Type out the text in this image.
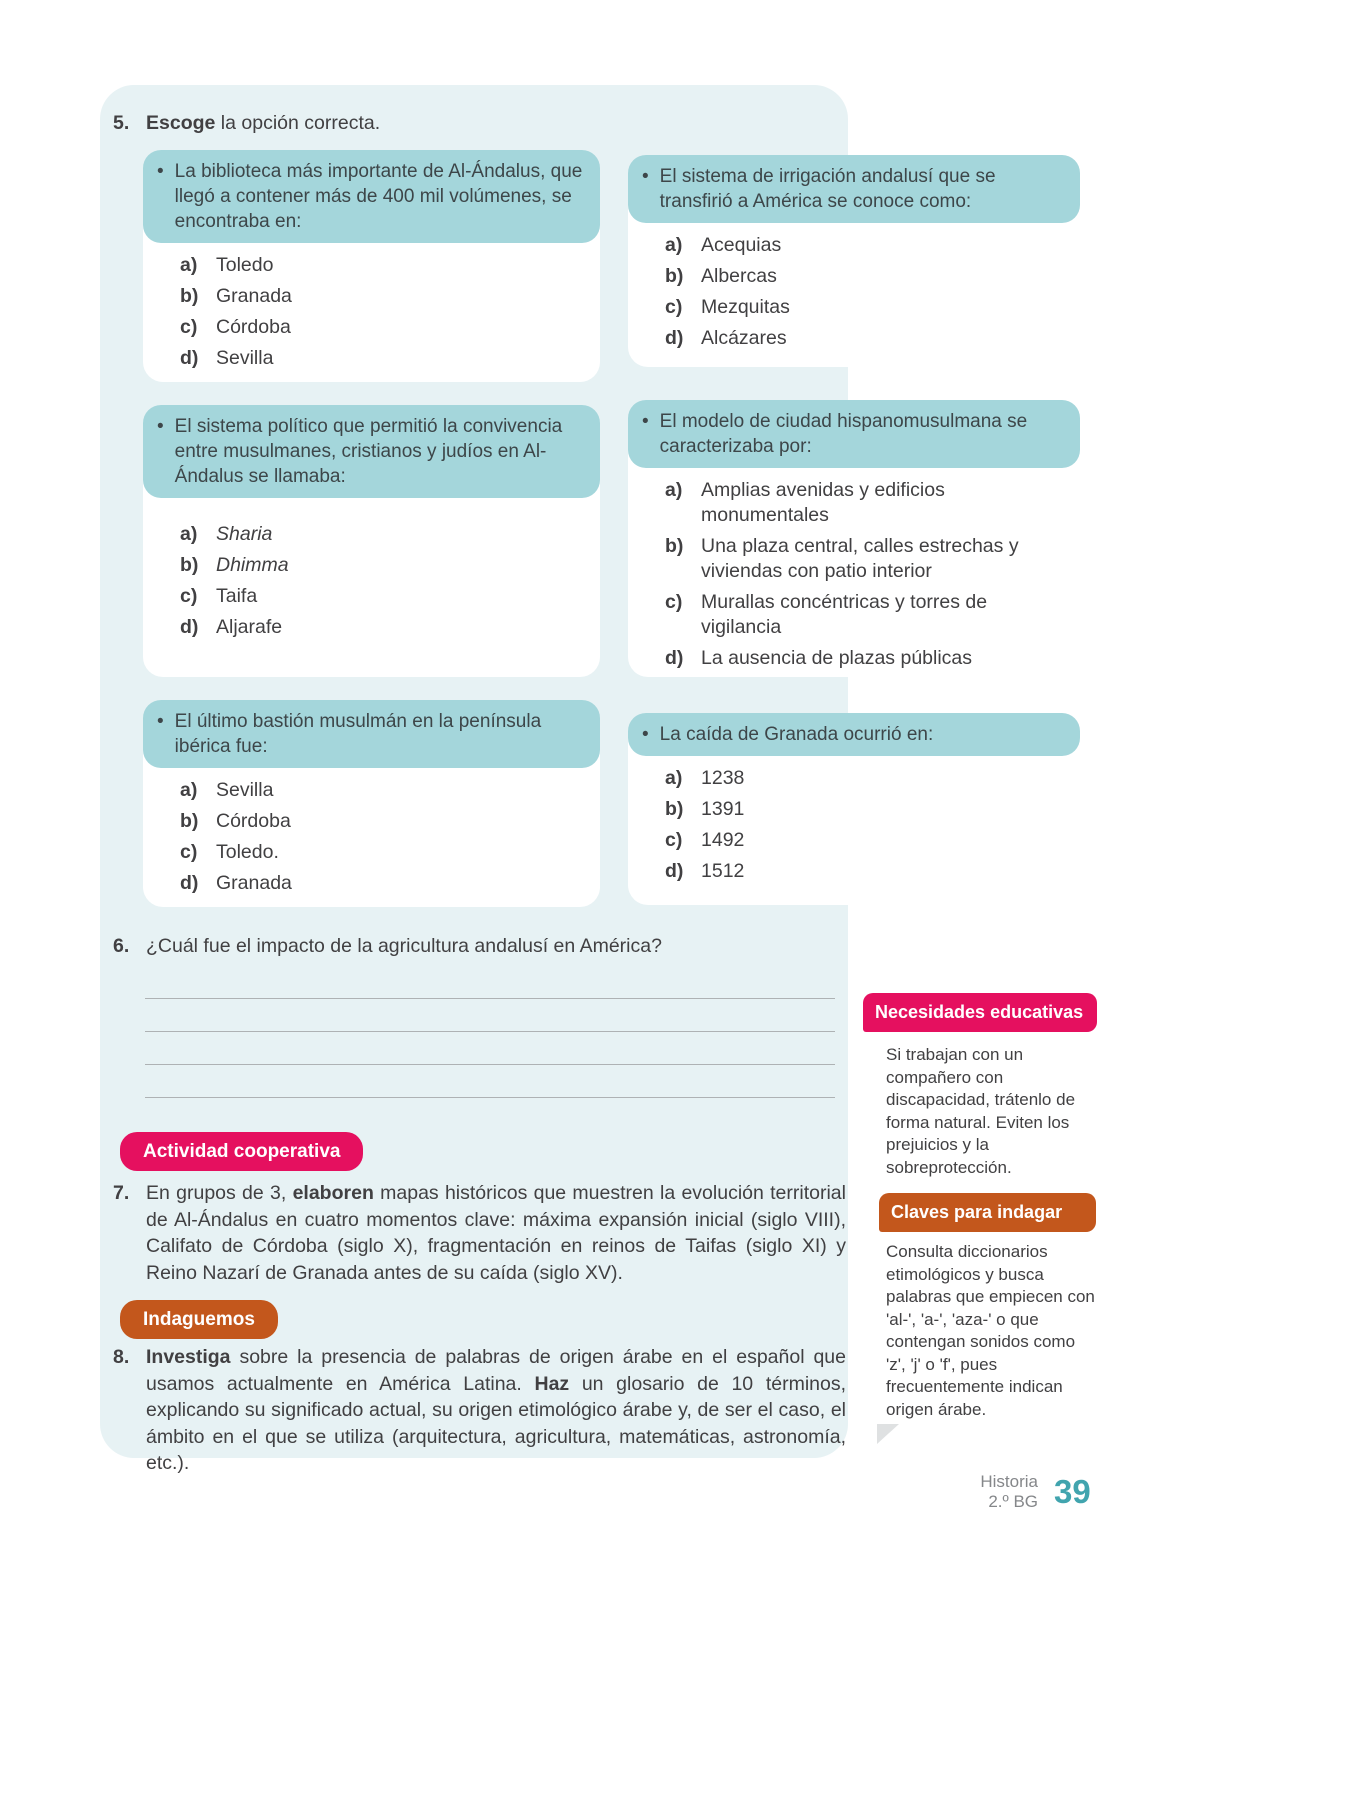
5. Escoge la opción correcta.
• La biblioteca más importante de Al-Ándalus, que llegó a contener más de 400 mil volúmenes, se encontraba en:
a) Toledo
b) Granada
c) Córdoba
d) Sevilla
• El sistema de irrigación andalusí que se transfirió a América se conoce como:
a) Acequias
b) Albercas
c) Mezquitas
d) Alcázares
• El sistema político que permitió la convivencia entre musulmanes, cristianos y judíos en Al-Ándalus se llamaba:
a) Sharia
b) Dhimma
c) Taifa
d) Aljarafe
• El modelo de ciudad hispanomusulmana se caracterizaba por:
a) Amplias avenidas y edificios monumentales
b) Una plaza central, calles estrechas y viviendas con patio interior
c) Murallas concéntricas y torres de vigilancia
d) La ausencia de plazas públicas
• El último bastión musulmán en la península ibérica fue:
a) Sevilla
b) Córdoba
c) Toledo.
d) Granada
• La caída de Granada ocurrió en:
a) 1238
b) 1391
c) 1492
d) 1512
6. ¿Cuál fue el impacto de la agricultura andalusí en América?
Actividad cooperativa
7. En grupos de 3, elaboren mapas históricos que muestren la evolución territorial de Al-Ándalus en cuatro momentos clave: máxima expansión inicial (siglo VIII), Califato de Córdoba (siglo X), fragmentación en reinos de Taifas (siglo XI) y Reino Nazarí de Granada antes de su caída (siglo XV).
Indaguemos
8. Investiga sobre la presencia de palabras de origen árabe en el español que usamos actualmente en América Latina. Haz un glosario de 10 términos, explicando su significado actual, su origen etimológico árabe y, de ser el caso, el ámbito en el que se utiliza (arquitectura, agricultura, matemáticas, astronomía, etc.).
Necesidades educativas
Si trabajan con un compañero con discapacidad, trátenlo de forma natural. Eviten los prejuicios y la sobreprotección.
Claves para indagar
Consulta diccionarios etimológicos y busca palabras que empiecen con 'al-', 'a-', 'aza-' o que contengan sonidos como 'z', 'j' o 'f', pues frecuentemente indican origen árabe.
Historia
2.º BG 39
